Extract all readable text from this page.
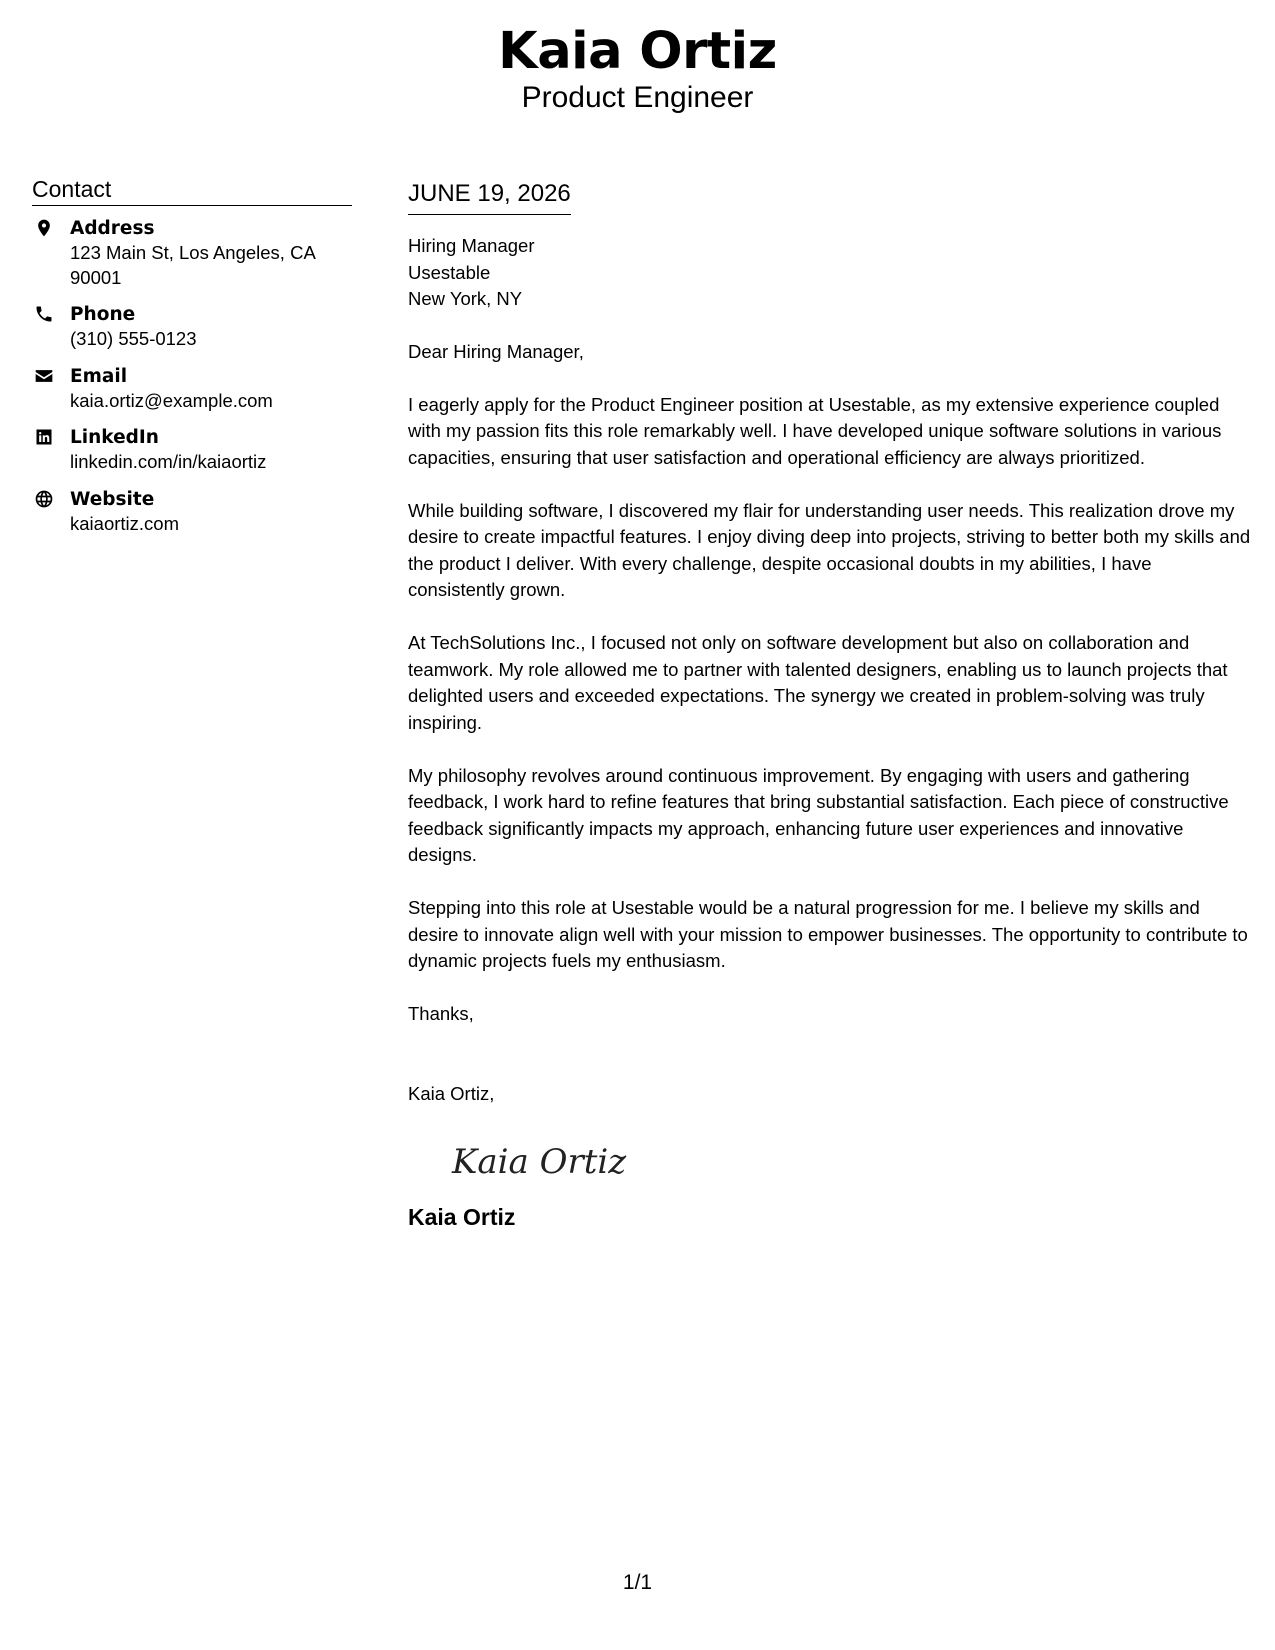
Kaia Ortiz
Product Engineer
Contact
Address
123 Main St, Los Angeles, CA 90001
Phone
(310) 555-0123
Email
kaia.ortiz@example.com
LinkedIn
linkedin.com/in/kaiaortiz
Website
kaiaortiz.com
JUNE 19, 2026
Hiring Manager
Usestable
New York, NY
Dear Hiring Manager,
I eagerly apply for the Product Engineer position at Usestable, as my extensive experience coupled with my passion fits this role remarkably well. I have developed unique software solutions in various capacities, ensuring that user satisfaction and operational efficiency are always prioritized.
While building software, I discovered my flair for understanding user needs. This realization drove my desire to create impactful features. I enjoy diving deep into projects, striving to better both my skills and the product I deliver. With every challenge, despite occasional doubts in my abilities, I have consistently grown.
At TechSolutions Inc., I focused not only on software development but also on collaboration and teamwork. My role allowed me to partner with talented designers, enabling us to launch projects that delighted users and exceeded expectations. The synergy we created in problem-solving was truly inspiring.
My philosophy revolves around continuous improvement. By engaging with users and gathering feedback, I work hard to refine features that bring substantial satisfaction. Each piece of constructive feedback significantly impacts my approach, enhancing future user experiences and innovative designs.
Stepping into this role at Usestable would be a natural progression for me. I believe my skills and desire to innovate align well with your mission to empower businesses. The opportunity to contribute to dynamic projects fuels my enthusiasm.
Thanks,
Kaia Ortiz,
Kaia Ortiz
Kaia Ortiz
1/1
